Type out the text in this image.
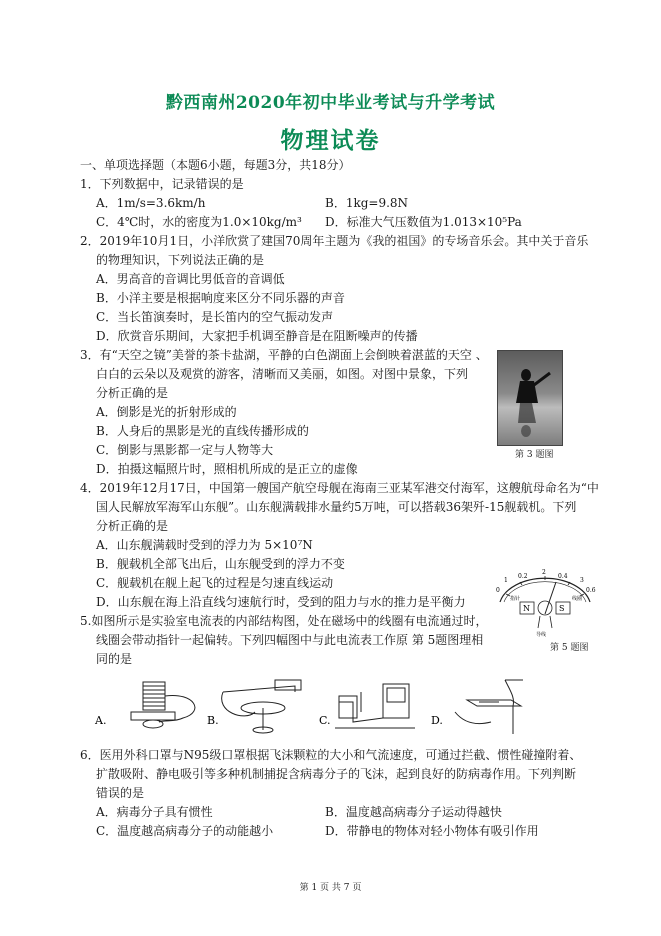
黔西南州2020年初中毕业考试与升学考试
物理试卷
一、单项选择题（本题6小题，每题3分，共18分）
1．下列数据中，记录错误的是
A．1m/s=3.6km/h	B．1kg=9.8N
C．4℃时，水的密度为1.0×10kg/m³ D．标准大气压数值为1.013×10⁵Pa
2．2019年10月1日，小洋欣赏了建国70周年主题为《我的祖国》的专场音乐会。其中关于音乐
的物理知识，下列说法正确的是
A．男高音的音调比男低音的音调低
B．小洋主要是根据响度来区分不同乐器的声音
C．当长笛演奏时，是长笛内的空气振动发声
D．欣赏音乐期间，大家把手机调至静音是在阻断噪声的传播
3．有“天空之镜”美誉的茶卡盐湖，平静的白色湖面上会倒映着湛蓝的天空 、
白白的云朵以及观赏的游客，清晰而又美丽，如图。对图中景象，下列
分析正确的是
A．倒影是光的折射形成的
B．人身后的黑影是光的直线传播形成的
C．倒影与黑影都一定与人物等大
D．拍摄这幅照片时，照相机所成的是正立的虚像
第 3 题图
4．2019年12月17日，中国第一艘国产航空母舰在海南三亚某军港交付海军，这艘航母命名为“中
国人民解放军海军山东舰”。山东舰满载排水量约5万吨，可以搭载36架歼-15舰载机。下列
分析正确的是
A．山东舰满载时受到的浮力为 5×10⁷N
B．舰载机全部飞出后，山东舰受到的浮力不变
C．舰载机在舰上起飞的过程是匀速直线运动
D．山东舰在海上沿直线匀速航行时，受到的阻力与水的推力是平衡力
0
0.2	0.4
0.6
1
2
3
N	S
指针	线圈
导线
第 5 题图
5.如图所示是实验室电流表的内部结构图，处在磁场中的线圈有电流通过时，
线圈会带动指针一起偏转。下列四幅图中与此电流表工作原 第 5题图理相
同的是
A.	B.	C.	D.
6．医用外科口罩与N95级口罩根据飞沫颗粒的大小和气流速度，可通过拦截、惯性碰撞附着、
扩散吸附、静电吸引等多种机制捕捉含病毒分子的飞沫，起到良好的防病毒作用。下列判断
错误的是
A．病毒分子具有惯性	B．温度越高病毒分子运动得越快
C．温度越高病毒分子的动能越小	D．带静电的物体对轻小物体有吸引作用
第 1 页 共 7 页
